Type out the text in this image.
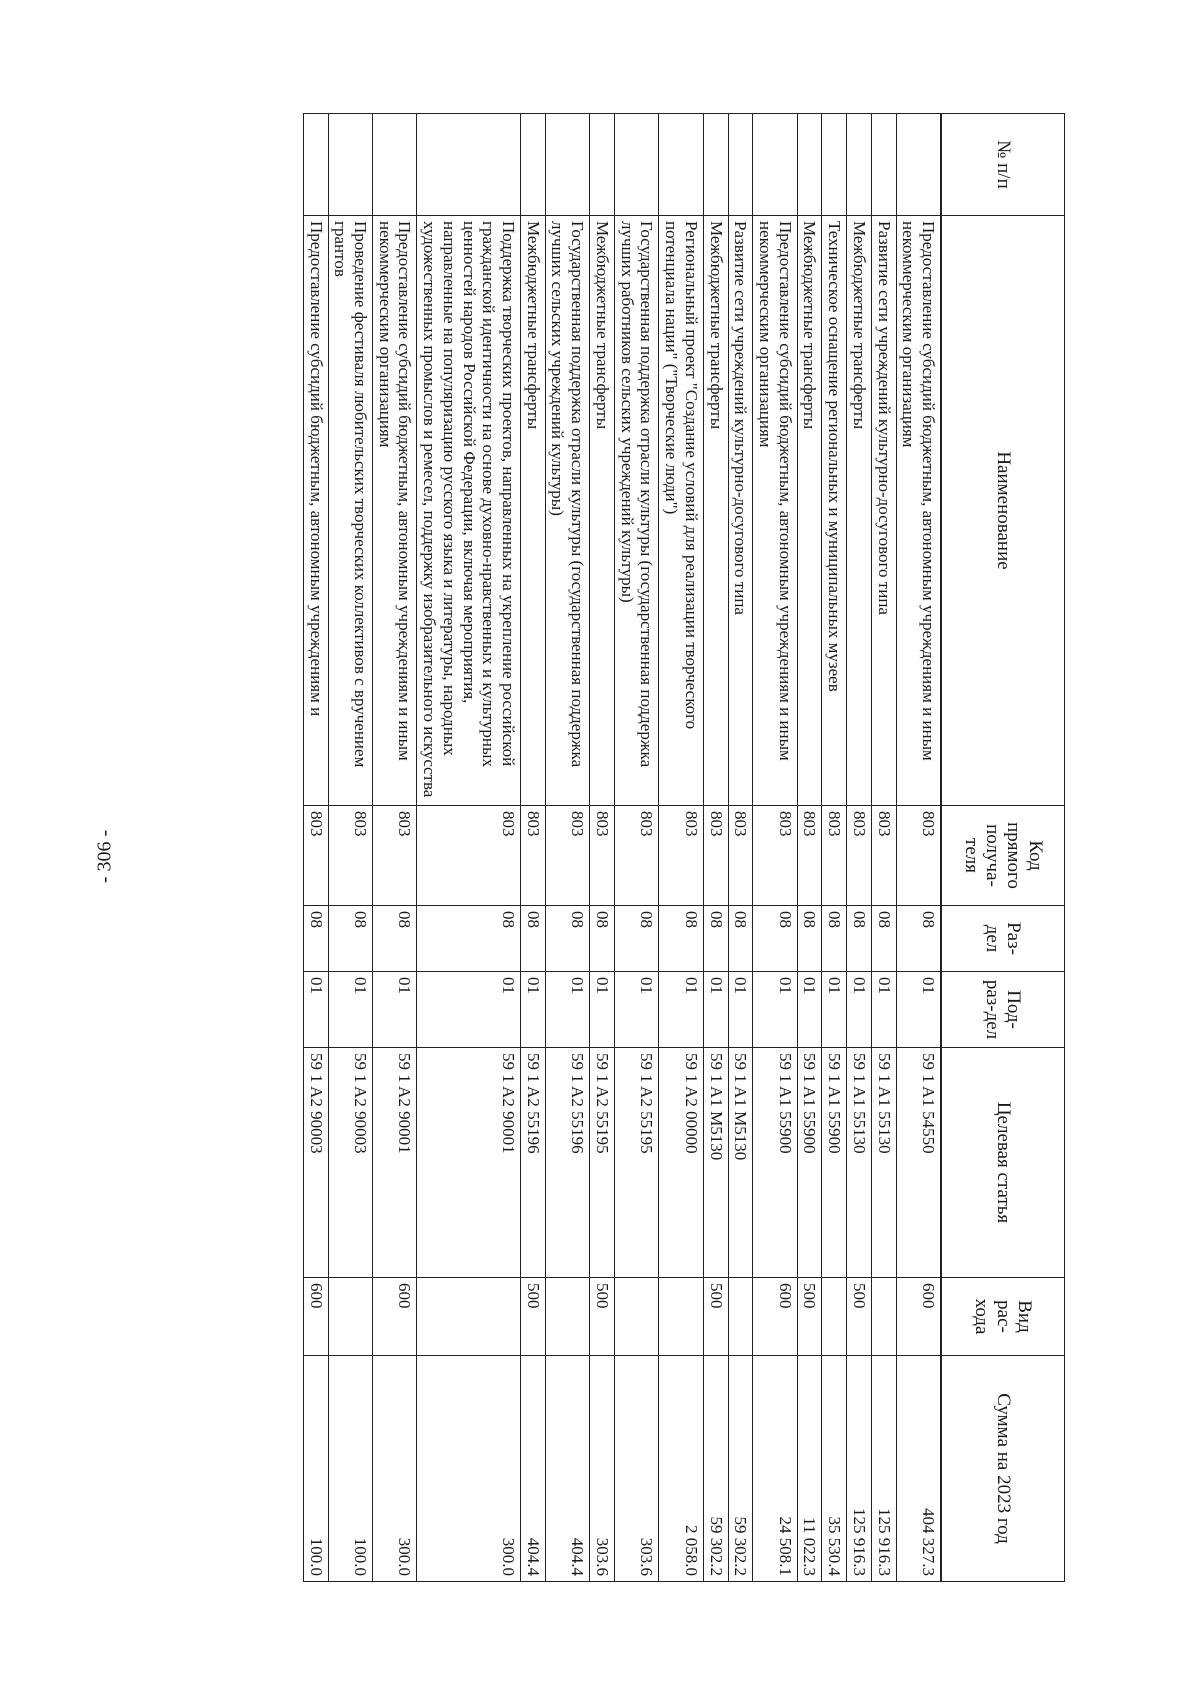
- 306 -
№ п/п	Наименование	Код прямого получа-теля	Раз-дел	Под-раз-дел	Целевая статья	Вид рас-хода	Сумма на 2023 год
	Предоставление субсидий бюджетным, автономным учреждениям и иным некоммерческим организациям	803	08	01	59 1 A1 54550	600	404 327.3
	Развитие сети учреждений культурно-досугового типа	803	08	01	59 1 A1 55130		125 916.3
	Межбюджетные трансферты	803	08	01	59 1 A1 55130	500	125 916.3
	Техническое оснащение региональных и муниципальных музеев	803	08	01	59 1 A1 55900		35 530.4
	Межбюджетные трансферты	803	08	01	59 1 A1 55900	500	11 022.3
	Предоставление субсидий бюджетным, автономным учреждениям и иным некоммерческим организациям	803	08	01	59 1 A1 55900	600	24 508.1
	Развитие сети учреждений культурно-досугового типа	803	08	01	59 1 A1 M5130		59 302.2
	Межбюджетные трансферты	803	08	01	59 1 A1 M5130	500	59 302.2
	Региональный проект "Создание условий для реализации творческого потенциала нации" ("Творческие люди")	803	08	01	59 1 A2 00000		2 058.0
	Государственная поддержка отрасли культуры (государственная поддержка лучших работников сельских учреждений культуры)	803	08	01	59 1 A2 55195		303.6
	Межбюджетные трансферты	803	08	01	59 1 A2 55195	500	303.6
	Государственная поддержка отрасли культуры (государственная поддержка лучших сельских учреждений культуры)	803	08	01	59 1 A2 55196		404.4
	Межбюджетные трансферты	803	08	01	59 1 A2 55196	500	404.4
	Поддержка творческих проектов, направленных на укрепление российской гражданской идентичности на основе духовно-нравственных и культурных ценностей народов Российской Федерации, включая мероприятия, направленные на популяризацию русского языка и литературы, народных художественных промыслов и ремесел, поддержку изобразительного искусства	803	08	01	59 1 A2 90001		300.0
	Предоставление субсидий бюджетным, автономным учреждениям и иным некоммерческим организациям	803	08	01	59 1 A2 90001	600	300.0
	Проведение фестиваля любительских творческих коллективов с вручением грантов	803	08	01	59 1 A2 90003		100.0
	Предоставление субсидий бюджетным, автономным учреждениям и	803	08	01	59 1 A2 90003	600	100.0
